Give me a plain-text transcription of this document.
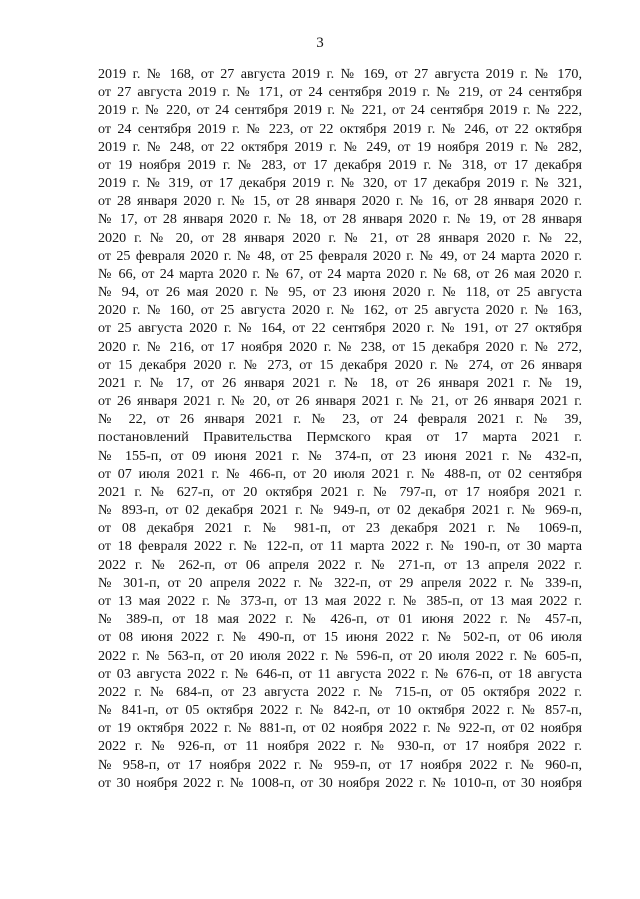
3
2019 г. № 168, от 27 августа 2019 г. № 169, от 27 августа 2019 г. № 170,
от 27 августа 2019 г. № 171, от 24 сентября 2019 г. № 219, от 24 сентября
2019 г. № 220, от 24 сентября 2019 г. № 221, от 24 сентября 2019 г. № 222,
от 24 сентября 2019 г. № 223, от 22 октября 2019 г. № 246, от 22 октября
2019 г. № 248, от 22 октября 2019 г. № 249, от 19 ноября 2019 г. № 282,
от 19 ноября 2019 г. № 283, от 17 декабря 2019 г. № 318, от 17 декабря
2019 г. № 319, от 17 декабря 2019 г. № 320, от 17 декабря 2019 г. № 321,
от 28 января 2020 г. № 15, от 28 января 2020 г. № 16, от 28 января 2020 г.
№ 17, от 28 января 2020 г. № 18, от 28 января 2020 г. № 19, от 28 января
2020 г. № 20, от 28 января 2020 г. № 21, от 28 января 2020 г. № 22,
от 25 февраля 2020 г. № 48, от 25 февраля 2020 г. № 49, от 24 марта 2020 г.
№ 66, от 24 марта 2020 г. № 67, от 24 марта 2020 г. № 68, от 26 мая 2020 г.
№ 94, от 26 мая 2020 г. № 95, от 23 июня 2020 г. № 118, от 25 августа
2020 г. № 160, от 25 августа 2020 г. № 162, от 25 августа 2020 г. № 163,
от 25 августа 2020 г. № 164, от 22 сентября 2020 г. № 191, от 27 октября
2020 г. № 216, от 17 ноября 2020 г. № 238, от 15 декабря 2020 г. № 272,
от 15 декабря 2020 г. № 273, от 15 декабря 2020 г. № 274, от 26 января
2021 г. № 17, от 26 января 2021 г. № 18, от 26 января 2021 г. № 19,
от 26 января 2021 г. № 20, от 26 января 2021 г. № 21, от 26 января 2021 г.
№ 22, от 26 января 2021 г. № 23, от 24 февраля 2021 г. № 39,
постановлений Правительства Пермского края от 17 марта 2021 г.
№ 155-п, от 09 июня 2021 г. № 374-п, от 23 июня 2021 г. № 432-п,
от 07 июля 2021 г. № 466-п, от 20 июля 2021 г. № 488-п, от 02 сентября
2021 г. № 627-п, от 20 октября 2021 г. № 797-п, от 17 ноября 2021 г.
№ 893-п, от 02 декабря 2021 г. № 949-п, от 02 декабря 2021 г. № 969-п,
от 08 декабря 2021 г. № 981-п, от 23 декабря 2021 г. № 1069-п,
от 18 февраля 2022 г. № 122-п, от 11 марта 2022 г. № 190-п, от 30 марта
2022 г. № 262-п, от 06 апреля 2022 г. № 271-п, от 13 апреля 2022 г.
№ 301-п, от 20 апреля 2022 г. № 322-п, от 29 апреля 2022 г. № 339-п,
от 13 мая 2022 г. № 373-п, от 13 мая 2022 г. № 385-п, от 13 мая 2022 г.
№ 389-п, от 18 мая 2022 г. № 426-п, от 01 июня 2022 г. № 457-п,
от 08 июня 2022 г. № 490-п, от 15 июня 2022 г. № 502-п, от 06 июля
2022 г. № 563-п, от 20 июля 2022 г. № 596-п, от 20 июля 2022 г. № 605-п,
от 03 августа 2022 г. № 646-п, от 11 августа 2022 г. № 676-п, от 18 августа
2022 г. № 684-п, от 23 августа 2022 г. № 715-п, от 05 октября 2022 г.
№ 841-п, от 05 октября 2022 г. № 842-п, от 10 октября 2022 г. № 857-п,
от 19 октября 2022 г. № 881-п, от 02 ноября 2022 г. № 922-п, от 02 ноября
2022 г. № 926-п, от 11 ноября 2022 г. № 930-п, от 17 ноября 2022 г.
№ 958-п, от 17 ноября 2022 г. № 959-п, от 17 ноября 2022 г. № 960-п,
от 30 ноября 2022 г. № 1008-п, от 30 ноября 2022 г. № 1010-п, от 30 ноября
